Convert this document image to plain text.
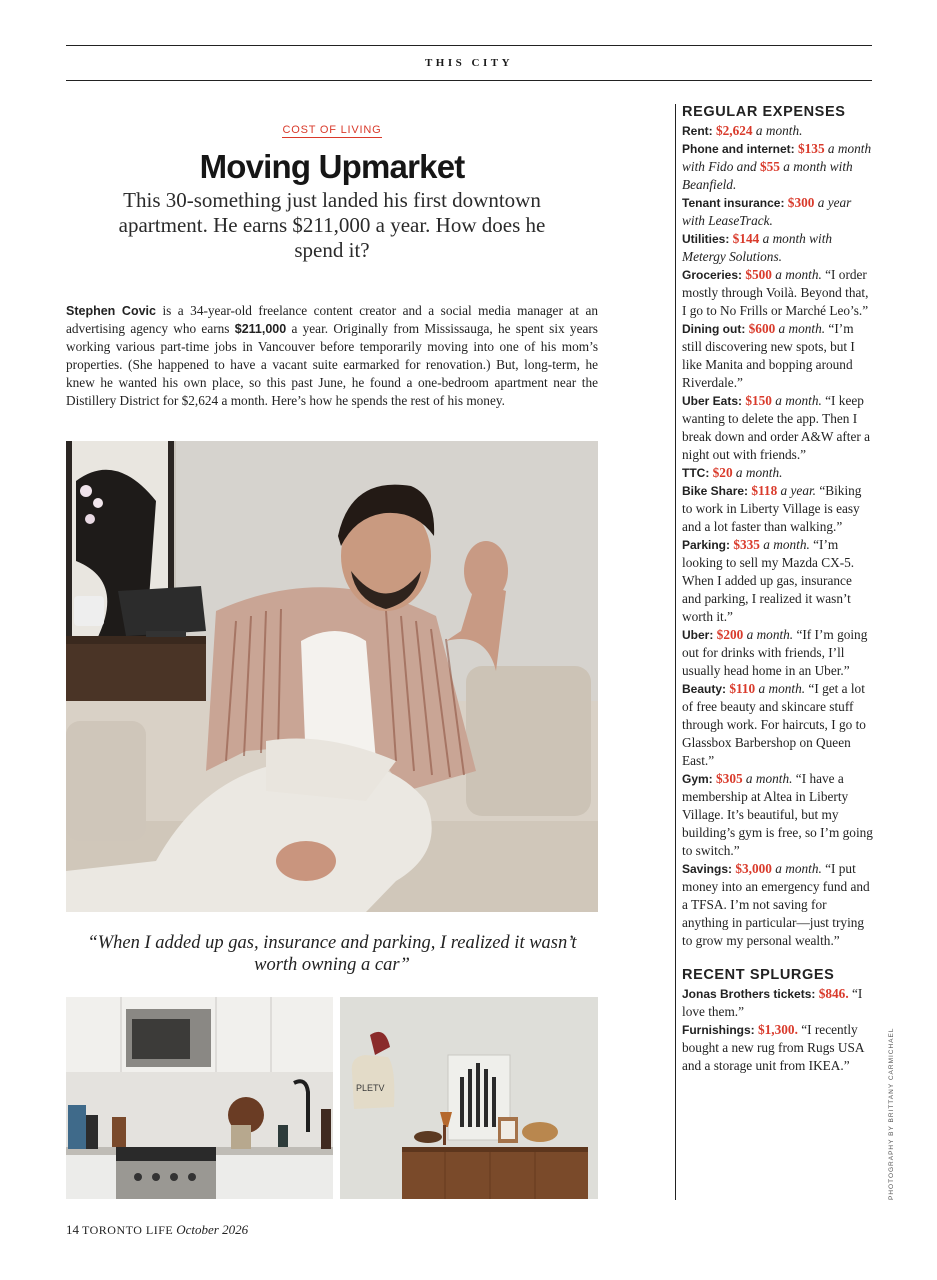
THIS CITY
COST OF LIVING
Moving Upmarket

This 30-something just landed his first downtown apartment. He earns $211,000 a year. How does he spend it?

Stephen Covic is a 34-year-old freelance content creator and a social media manager at an advertising agency who earns $211,000 a year. Originally from Mississauga, he spent six years working various part-time jobs in Vancouver before temporarily moving into one of his mom’s properties. (She happened to have a vacant suite earmarked for renovation.) But, long-term, he knew he wanted his own place, so this past June, he found a one-bedroom apartment near the Distillery District for $2,624 a month. Here’s how he spends the rest of his money.

“When I added up gas, insurance and parking, I realized it wasn’t worth owning a car”

PLETV
REGULAR EXPENSES
Rent: $2,624 a month.
Phone and internet: $135 a month with Fido and $55 a month with Beanfield.
Tenant insurance: $300 a year with LeaseTrack.
Utilities: $144 a month with Metergy Solutions.
Groceries: $500 a month. “I order mostly through Voilà. Beyond that, I go to No Frills or Marché Leo’s.”
Dining out: $600 a month. “I’m still discovering new spots, but I like Manita and bopping around Riverdale.”
Uber Eats: $150 a month. “I keep wanting to delete the app. Then I break down and order A&W after a night out with friends.”
TTC: $20 a month.
Bike Share: $118 a year. “Biking to work in Liberty Village is easy and a lot faster than walking.”
Parking: $335 a month. “I’m looking to sell my Mazda CX-5. When I added up gas, insurance and parking, I realized it wasn’t worth it.”
Uber: $200 a month. “If I’m going out for drinks with friends, I’ll usually head home in an Uber.”
Beauty: $110 a month. “I get a lot of free beauty and skincare stuff through work. For haircuts, I go to Glassbox Barbershop on Queen East.”
Gym: $305 a month. “I have a membership at Altea in Liberty Village. It’s beautiful, but my building’s gym is free, so I’m going to switch.”
Savings: $3,000 a month. “I put money into an emergency fund and a TFSA. I’m not saving for anything in particular—just trying to grow my personal wealth.”
RECENT SPLURGES
Jonas Brothers tickets: $846. “I love them.”
Furnishings: $1,300. “I recently bought a new rug from Rugs USA and a storage unit from IKEA.”	PHOTOGRAPHY BY BRITTANY CARMICHAEL
14 TORONTO LIFE October 2026
